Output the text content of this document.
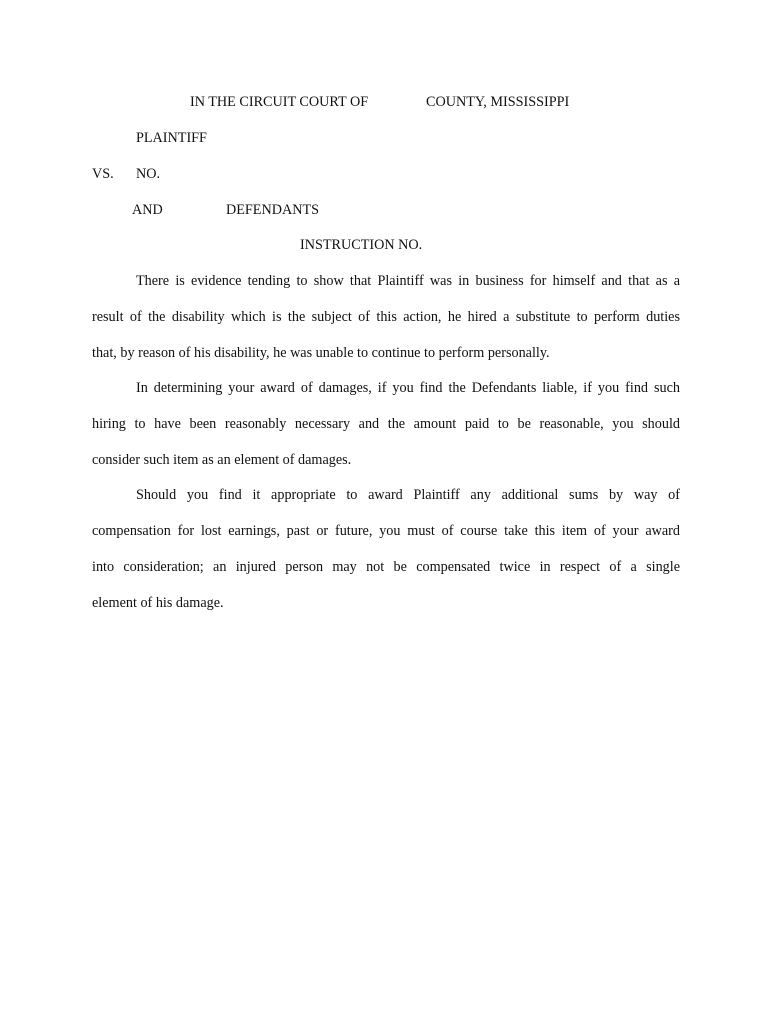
IN THE CIRCUIT COURT OF	COUNTY, MISSISSIPPI
PLAINTIFF
VS. NO.
AND	DEFENDANTS
INSTRUCTION NO.
There is evidence tending to show that Plaintiff was in business for himself and that as a
result of the disability which is the subject of this action, he hired a substitute to perform duties
that, by reason of his disability, he was unable to continue to perform personally.
In determining your award of damages, if you find the Defendants liable, if you find such
hiring to have been reasonably necessary and the amount paid to be reasonable, you should
consider such item as an element of damages.
Should you find it appropriate to award Plaintiff any additional sums by way of
compensation for lost earnings, past or future, you must of course take this item of your award
into consideration; an injured person may not be compensated twice in respect of a single
element of his damage.
